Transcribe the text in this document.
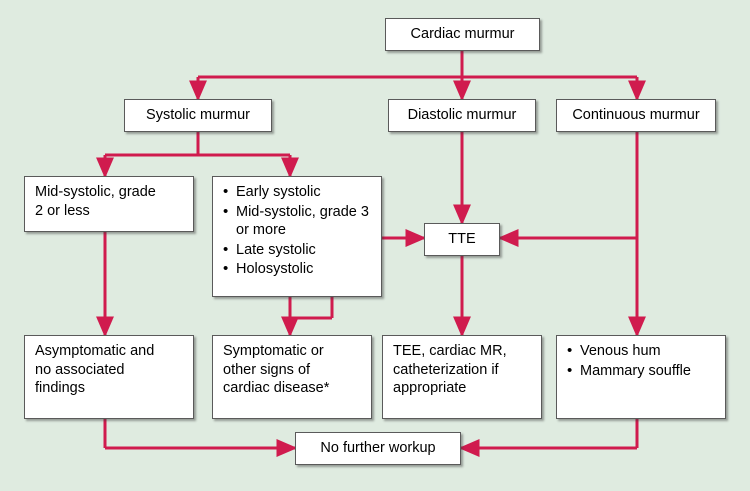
Cardiac murmur
Systolic murmur	Diastolic murmur	Continuous murmur
Mid-systolic, grade
2 or less
• Early systolic
• Mid-systolic, grade 3 or more
• Late systolic
• Holosystolic
TTE
Asymptomatic and
no associated
findings
Symptomatic or
other signs of
cardiac disease*
TEE, cardiac MR,
catheterization if
appropriate
• Venous hum
• Mammary souffle
No further workup
